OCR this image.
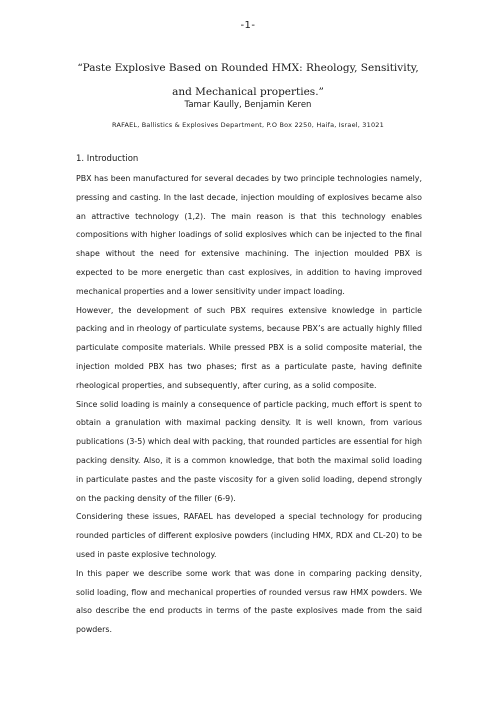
-1-
“Paste Explosive Based on Rounded HMX: Rheology, Sensitivity,
and Mechanical properties.”
Tamar Kaully, Benjamin Keren
RAFAEL, Ballistics & Explosives Department, P.O Box 2250, Haifa, Israel, 31021
1. Introduction

PBX has been manufactured for several decades by two principle technologies namely, pressing and casting. In the last decade, injection moulding of explosives became also an attractive technology (1,2). The main reason is that this technology enables compositions with higher loadings of solid explosives which can be injected to the final shape without the need for extensive machining. The injection moulded PBX is expected to be more energetic than cast explosives, in addition to having improved mechanical properties and a lower sensitivity under impact loading.

However, the development of such PBX requires extensive knowledge in particle packing and in rheology of particulate systems, because PBX’s are actually highly filled particulate composite materials. While pressed PBX is a solid composite material, the injection molded PBX has two phases; first as a particulate paste, having definite rheological properties, and subsequently, after curing, as a solid composite.

Since solid loading is mainly a consequence of particle packing, much effort is spent to obtain a granulation with maximal packing density. It is well known, from various publications (3-5) which deal with packing, that rounded particles are essential for high packing density. Also, it is a common knowledge, that both the maximal solid loading in particulate pastes and the paste viscosity for a given solid loading, depend strongly on the packing density of the filler (6-9).

Considering these issues, RAFAEL has developed a special technology for producing rounded particles of different explosive powders (including HMX, RDX and CL-20) to be used in paste explosive technology.

In this paper we describe some work that was done in comparing packing density, solid loading, flow and mechanical properties of rounded versus raw HMX powders. We also describe the end products in terms of the paste explosives made from the said powders.
